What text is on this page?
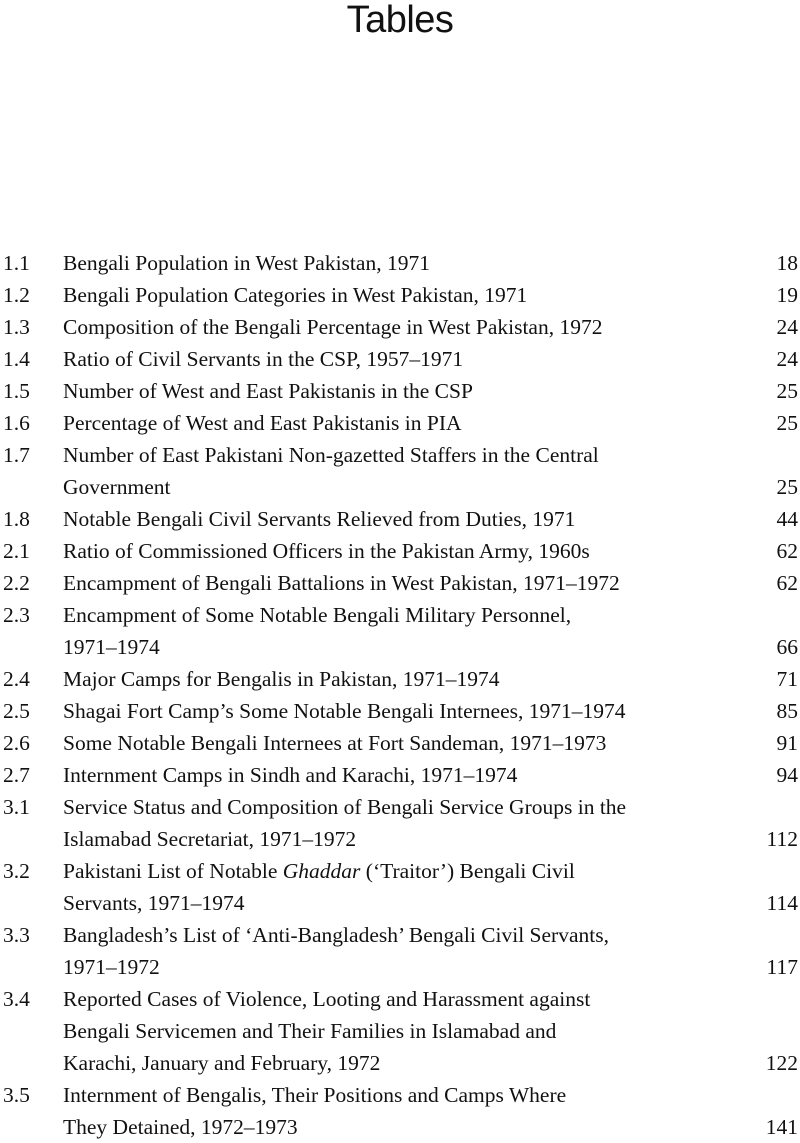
Tables
1.1 Bengali Population in West Pakistan, 1971	18
1.2 Bengali Population Categories in West Pakistan, 1971	19
1.3 Composition of the Bengali Percentage in West Pakistan, 1972	24
1.4 Ratio of Civil Servants in the CSP, 1957–1971	24
1.5 Number of West and East Pakistanis in the CSP	25
1.6 Percentage of West and East Pakistanis in PIA	25
1.7 Number of East Pakistani Non-gazetted Staffers in the Central
Government	25
1.8 Notable Bengali Civil Servants Relieved from Duties, 1971	44
2.1 Ratio of Commissioned Officers in the Pakistan Army, 1960s	62
2.2 Encampment of Bengali Battalions in West Pakistan, 1971–1972	62
2.3 Encampment of Some Notable Bengali Military Personnel,
1971–1974	66
2.4 Major Camps for Bengalis in Pakistan, 1971–1974	71
2.5 Shagai Fort Camp’s Some Notable Bengali Internees, 1971–1974	85
2.6 Some Notable Bengali Internees at Fort Sandeman, 1971–1973	91
2.7 Internment Camps in Sindh and Karachi, 1971–1974	94
3.1 Service Status and Composition of Bengali Service Groups in the
Islamabad Secretariat, 1971–1972	112
3.2 Pakistani List of Notable Ghaddar (‘Traitor’) Bengali Civil
Servants, 1971–1974	114
3.3 Bangladesh’s List of ‘Anti-Bangladesh’ Bengali Civil Servants,
1971–1972	117
3.4 Reported Cases of Violence, Looting and Harassment against
Bengali Servicemen and Their Families in Islamabad and
Karachi, January and February, 1972	122
3.5 Internment of Bengalis, Their Positions and Camps Where
They Detained, 1972–1973	141
